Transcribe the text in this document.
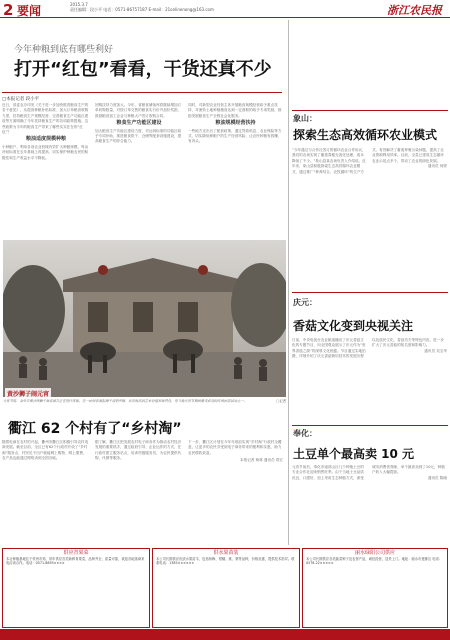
2 要闻	2015.3.7
责任编辑：段小平 电话：0571-86757187 E-mail：21onlinenong@163.com	浙江农民报
今年种粮到底有哪些利好
打开“红包”看看，干货还真不少
□本报记者 段小平
近日，省委农办印发《关于进一步加快推进粮食生产的若干意见》，从提高种粮补贴标准、加大订单粮食收购力度、扶持粮食生产规模经营、完善粮食生产功能区建设等方面明确了今年扶持粮食生产的各项政策措施。这些政策为今年的粮食生产带来了哪些实实在在的“红包”？
粮油适度规模种粮
小种粮户，利用各项农业机械有效扩大种粮规模，每亩补贴标准在去年基础上再提高，切实保护种粮农民的积极性和生产收益水平不降低。
回购扶持力度加大。今年，省粮食储备库将继续增加订单收购数量，对按订单交售的粮食实行价外加价奖励，鼓励粮食加工企业与种粮大户签订收购合同。
粮食生产功能区建设
加大粮食生产功能区建设力度，对达到标准的功能区给予专项补助，推进粮食烘干、仓储等配套设施建设，提高粮食生产的综合能力。
同时，对新型农业经营主体开展粮食规模经营给予重点扶持，对流转土地种植粮食达到一定面积的给予专项奖励，鼓励发展粮食生产全程社会化服务。
粮油规模经营扶持
一些地方还出台了配套政策，通过贷款贴息、农业保险等方式，切实降低种粮户的生产经营风险，让农民种粮有钱赚、有奔头。
黄沙狮子闹元宵
元宵节前，金华市黄沙镇狮子舞表演者正在进行排练。这一民间表演起源于清朝中期，具有很高的艺术价值和观赏性，是当地元宵节期间最受欢迎的传统民俗活动之一。	□记者
衢江 62 个村有了“乡村淘”
随着电商在农村的兴起，衢州市衢江区积极引导农村电商发展。截至目前，全区已有62个行政村开设了“乡村淘”服务点，村民足不出户就能网上购物、网上缴费，农产品也能通过网络卖到全国各地。
据了解，衢江区把发展农村电子商务作为推动农村经济发展的重要抓手，通过政府引导、企业运作的方式，在行政村建立服务站点，培训村级服务员，为农民提供代购、代销等服务。
下一步，衢江区计划在今年年底前实现“乡村淘”行政村全覆盖，让更多的农民享受到电子商务带来的便利和实惠，助力农民增收致富。
本报记者 杨林 通讯员 郑宏
象山：
探索生态高效循环农业模式
“今年通过与合作社签订的循环农业合作协议，我们的农场实现了畜禽粪便无害化处理，成本降低了不少。”象山县某农场负责人介绍说。近年来，象山县积极探索生态高效循环农业模式，通过推广“种养结合、农牧循环”的生产方式，有效解决了畜禽养殖污染问题，提高了农业资源利用效率。目前，全县已建成生态循环农业示范点多个，带动了农业的绿色发展。
通讯员 何婷
庆元：
香菇文化变到央视关注
日前，中央电视台农业频道播出了庆元香菇文化的专题节目，向全国观众展示了庆元作为“世界香菇之源”的深厚文化底蕴。节目通过实地拍摄，详细介绍了庆元香菇栽培技术的发展历程以及菇民文化、香菇功夫等特色内容，进一步扩大了庆元香菇的知名度和影响力。
通讯员 吴宝华
奉化：
土豆单个最高卖 10 元
元宵节前后，奉化市南部山区几个种植土豆的专业合作社迎来销售旺季。由于当地土豆品质优良、口感好，加上采用生态种植方式，深受城市消费者青睐，单个最高卖到了10元，种植户收入大幅提高。
通讯员 陈晓
供应青果菜
本社种植基地位于杭州市郊，常年供应各类新鲜青果菜，品种齐全，质量可靠，欢迎各地客商来电洽谈合作。电话：0571-8893××××
供水果苗装
本公司长期供应优质水果苗木，包括杨梅、柑橘、桃、梨等品种，价格优惠，提供技术指导。联系电话：1385××××××
丽水绿阳公司供应
本公司长期供应各类蔬菜种子及农资产品，诚信经营，送货上门。地址：丽水市莲都区 电话：0578-22×××××
